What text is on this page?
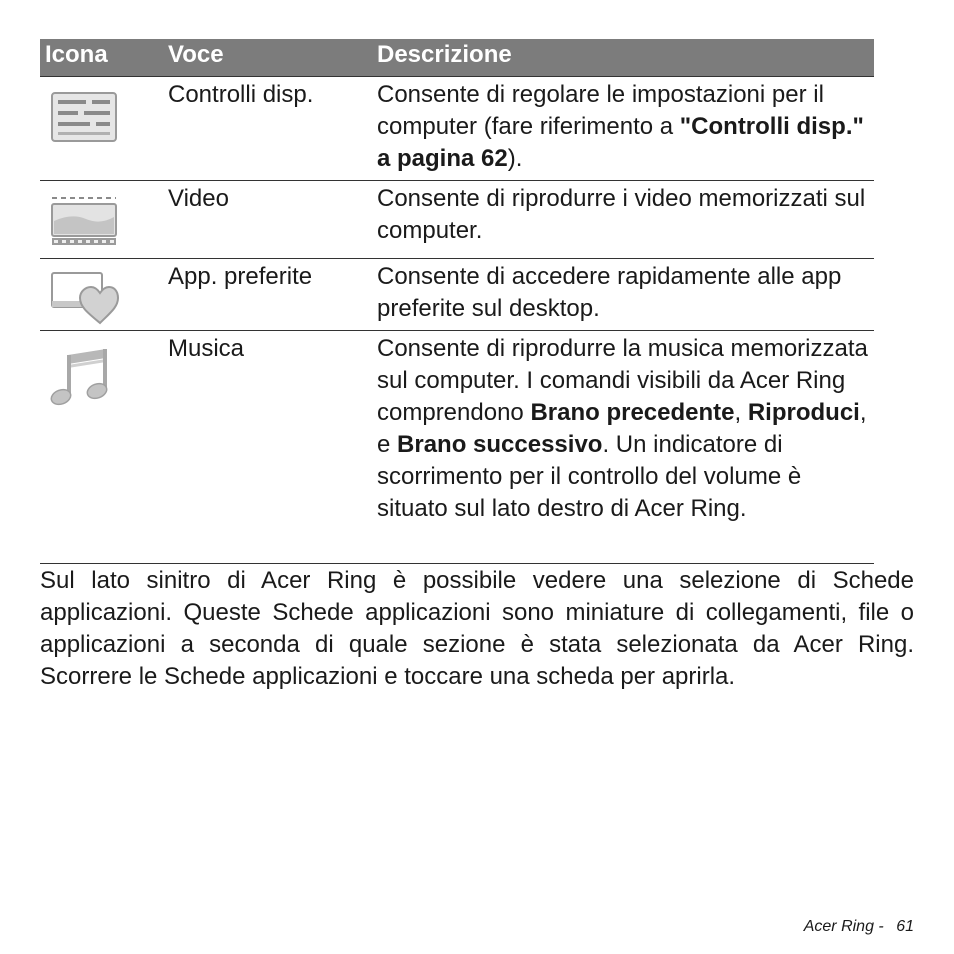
Icona	Voce	Descrizione
Controlli disp.	Consente di regolare le impostazioni per il computer (fare riferimento a "Controlli disp." a pagina 62).
Video	Consente di riprodurre i video memorizzati sul computer.
App. preferite	Consente di accedere rapidamente alle app preferite sul desktop.
Musica	Consente di riprodurre la musica memorizzata sul computer. I comandi visibili da Acer Ring comprendono Brano precedente, Riproduci, e Brano successivo. Un indicatore di scorrimento per il controllo del volume è situato sul lato destro di Acer Ring.
Sul lato sinitro di Acer Ring è possibile vedere una selezione di Schede applicazioni. Queste Schede applicazioni sono miniature di collegamenti, file o applicazioni a seconda di quale sezione è stata selezionata da Acer Ring. Scorrere le Schede applicazioni e toccare una scheda per aprirla.
Acer Ring - 61
